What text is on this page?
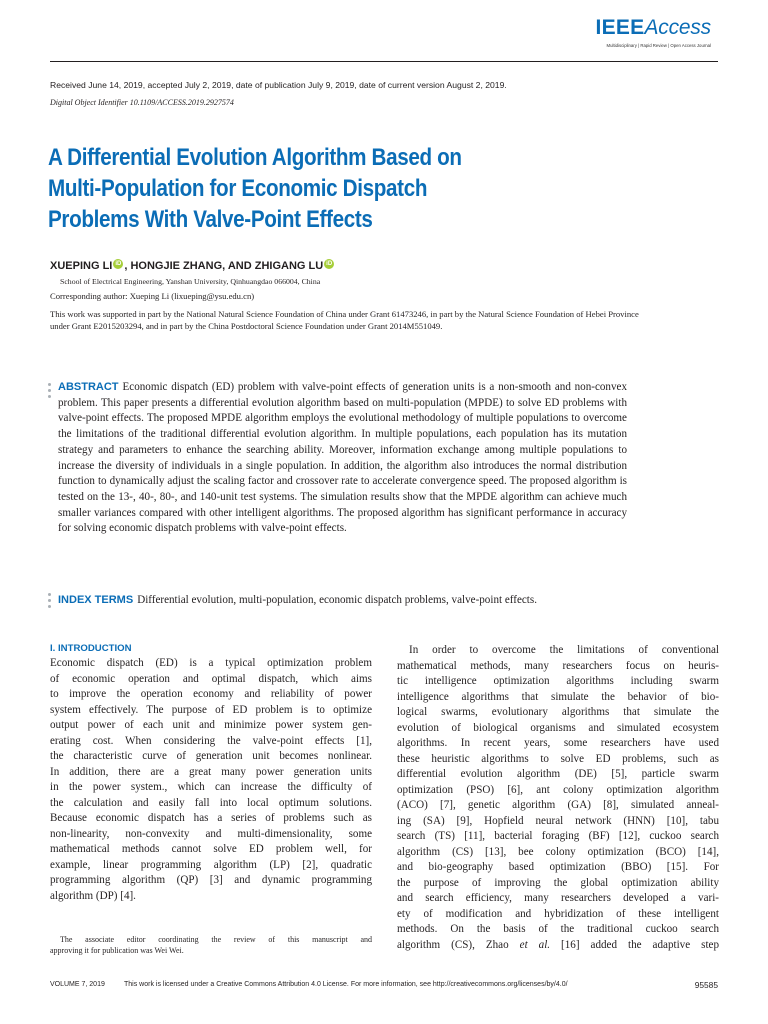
IEEEAccess
Multidisciplinary | Rapid Review | Open Access Journal
Received June 14, 2019, accepted July 2, 2019, date of publication July 9, 2019, date of current version August 2, 2019.
Digital Object Identifier 10.1109/ACCESS.2019.2927574
A Differential Evolution Algorithm Based on
Multi-Population for Economic Dispatch
Problems With Valve-Point Effects
XUEPING LI iD , HONGJIE ZHANG, AND ZHIGANG LU iD
School of Electrical Engineering, Yanshan University, Qinhuangdao 066004, China
Corresponding author: Xueping Li (lixueping@ysu.edu.cn)
This work was supported in part by the National Natural Science Foundation of China under Grant 61473246, in part by the Natural Science Foundation of Hebei Province under Grant E2015203294, and in part by the China Postdoctoral Science Foundation under Grant 2014M551049.
ABSTRACT Economic dispatch (ED) problem with valve-point effects of generation units is a non-smooth and non-convex problem. This paper presents a differential evolution algorithm based on multi-population (MPDE) to solve ED problems with valve-point effects. The proposed MPDE algorithm employs the evolutional methodology of multiple populations to overcome the limitations of the traditional differential evolution algorithm. In multiple populations, each population has its mutation strategy and parameters to enhance the searching ability. Moreover, information exchange among multiple populations to increase the diversity of individuals in a single population. In addition, the algorithm also introduces the normal distribution function to dynamically adjust the scaling factor and crossover rate to accelerate convergence speed. The proposed algorithm is tested on the 13-, 40-, 80-, and 140-unit test systems. The simulation results show that the MPDE algorithm can achieve much smaller variances compared with other intelligent algorithms. The proposed algorithm has significant performance in accuracy for solving economic dispatch problems with valve-point effects.
INDEX TERMS Differential evolution, multi-population, economic dispatch problems, valve-point effects.
I. INTRODUCTION
Economic dispatch (ED) is a typical optimization problem
of economic operation and optimal dispatch, which aims
to improve the operation economy and reliability of power
system effectively. The purpose of ED problem is to optimize
output power of each unit and minimize power system gen-
erating cost. When considering the valve-point effects [1],
the characteristic curve of generation unit becomes nonlinear.
In addition, there are a great many power generation units
in the power system., which can increase the difficulty of
the calculation and easily fall into local optimum solutions.
Because economic dispatch has a series of problems such as
non-linearity, non-convexity and multi-dimensionality, some
mathematical methods cannot solve ED problem well, for
example, linear programming algorithm (LP) [2], quadratic
programming algorithm (QP) [3] and dynamic programming
algorithm (DP) [4].
The associate editor coordinating the review of this manuscript and
approving it for publication was Wei Wei.
In order to overcome the limitations of conventional
mathematical methods, many researchers focus on heuris-
tic intelligence optimization algorithms including swarm
intelligence algorithms that simulate the behavior of bio-
logical swarms, evolutionary algorithms that simulate the
evolution of biological organisms and simulated ecosystem
algorithms. In recent years, some researchers have used
these heuristic algorithms to solve ED problems, such as
differential evolution algorithm (DE) [5], particle swarm
optimization (PSO) [6], ant colony optimization algorithm
(ACO) [7], genetic algorithm (GA) [8], simulated anneal-
ing (SA) [9], Hopfield neural network (HNN) [10], tabu
search (TS) [11], bacterial foraging (BF) [12], cuckoo search
algorithm (CS) [13], bee colony optimization (BCO) [14],
and bio-geography based optimization (BBO) [15]. For
the purpose of improving the global optimization ability
and search efficiency, many researchers developed a vari-
ety of modification and hybridization of these intelligent
methods. On the basis of the traditional cuckoo search
algorithm (CS), Zhao et al. [16] added the adaptive step
VOLUME 7, 2019	This work is licensed under a Creative Commons Attribution 4.0 License. For more information, see http://creativecommons.org/licenses/by/4.0/	95585
